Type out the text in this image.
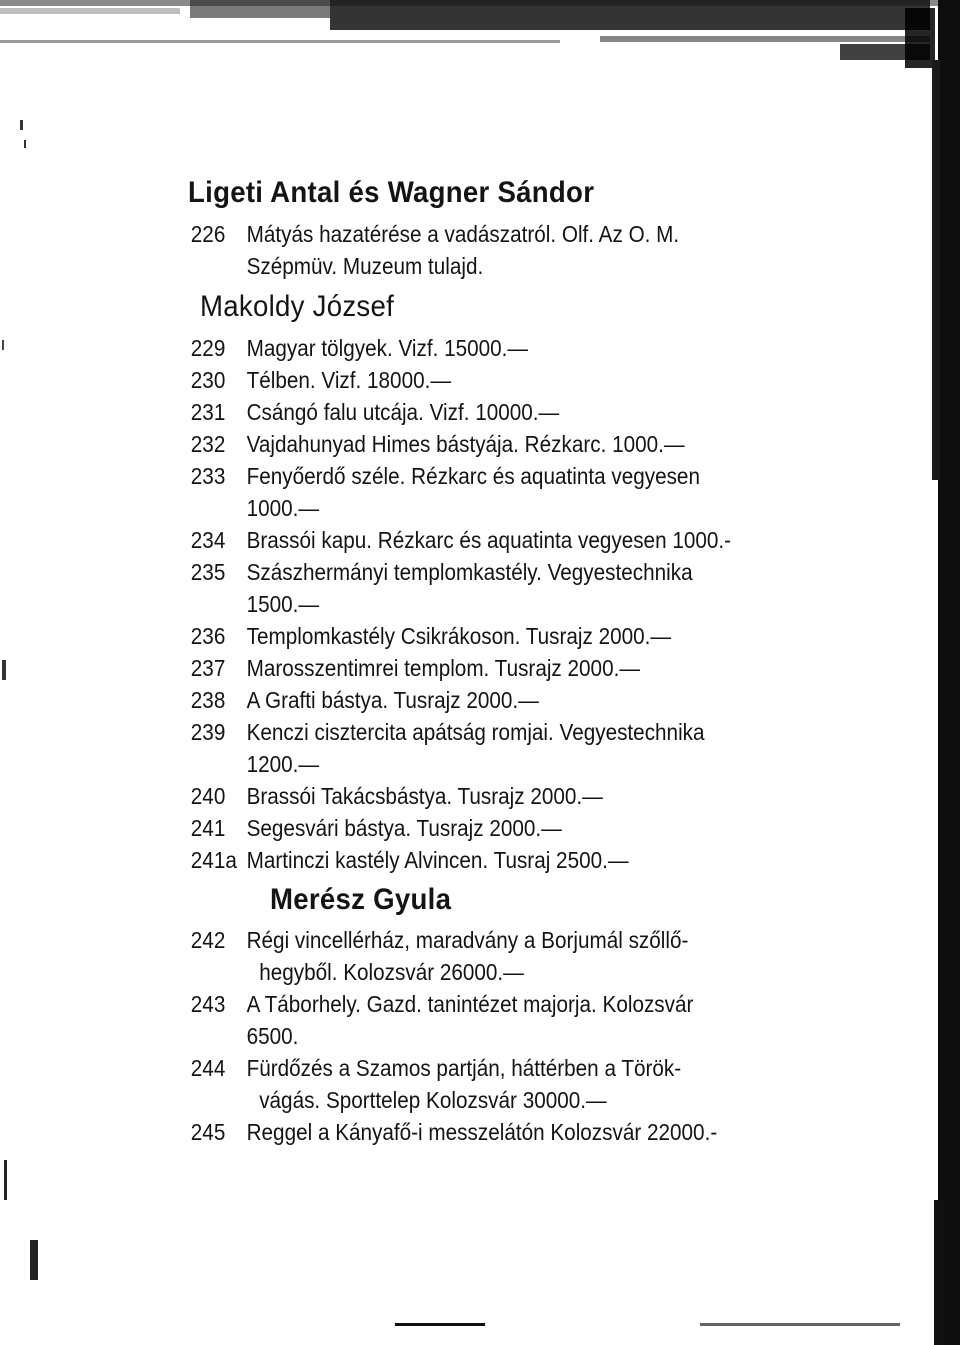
Ligeti Antal és Wagner Sándor
226 Mátyás hazatérése a vadászatról. Olf. Az O. M.
Szépmüv. Muzeum tulajd.
Makoldy József
229 Magyar tölgyek. Vizf. 15000.—
230 Télben. Vizf. 18000.—
231 Csángó falu utcája. Vizf. 10000.—
232 Vajdahunyad Himes bástyája. Rézkarc. 1000.—
233 Fenyőerdő széle. Rézkarc és aquatinta vegyesen
1000.—
234 Brassói kapu. Rézkarc és aquatinta vegyesen 1000.-
235 Szászhermányi templomkastély. Vegyestechnika
1500.—
236 Templomkastély Csikrákoson. Tusrajz 2000.—
237 Marosszentimrei templom. Tusrajz 2000.—
238 A Grafti bástya. Tusrajz 2000.—
239 Kenczi cisztercita apátság romjai. Vegyestechnika
1200.—
240 Brassói Takácsbástya. Tusrajz 2000.—
241 Segesvári bástya. Tusrajz 2000.—
241a Martinczi kastély Alvincen. Tusraj 2500.—
Merész Gyula
242 Régi vincellérház, maradvány a Borjumál szőllő-
hegyből. Kolozsvár 26000.—
243 A Táborhely. Gazd. tanintézet majorja. Kolozsvár
6500.
244 Fürdőzés a Szamos partján, háttérben a Török-
vágás. Sporttelep Kolozsvár 30000.—
245 Reggel a Kányafő-i messzelátón Kolozsvár 22000.-
